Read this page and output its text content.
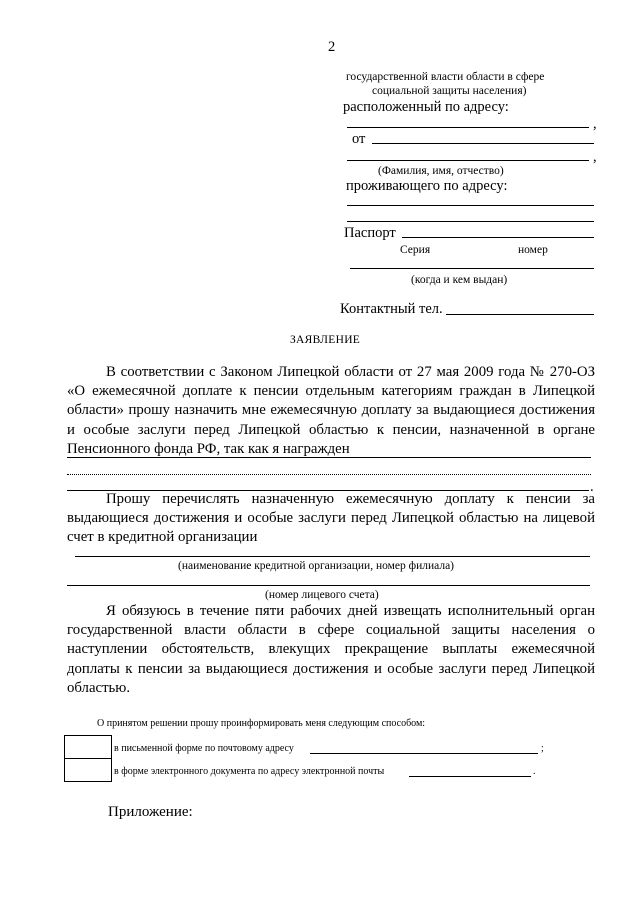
2
государственной власти области в сфере
социальной защиты населения)
расположенный по адресу:
,
от
,
(Фамилия, имя, отчество)
проживающего по адресу:
Паспорт
Серия	номер
(когда и кем выдан)
Контактный тел.
ЗАЯВЛЕНИЕ

В соответствии с Законом Липецкой области от 27 мая 2009 года № 270-ОЗ «О ежемесячной доплате к пенсии отдельным категориям граждан в Липецкой области» прошу назначить мне ежемесячную доплату за выдающиеся достижения и особые заслуги перед Липецкой областью к пенсии, назначенной в органе Пенсионного фонда РФ, так как я награжден

.

Прошу перечислять назначенную ежемесячную доплату к пенсии за выдающиеся достижения и особые заслуги перед Липецкой областью на лицевой счет в кредитной организации

(наименование кредитной организации, номер филиала)
(номер лицевого счета)

Я обязуюсь в течение пяти рабочих дней извещать исполнительный орган государственной власти области в сфере социальной защиты населения о наступлении обстоятельств, влекущих прекращение выплаты ежемесячной доплаты к пенсии за выдающиеся достижения и особые заслуги перед Липецкой областью.

О принятом решении прошу проинформировать меня следующим способом:
в письменной форме по почтовому адресу	;
в форме электронного документа по адресу электронной почты	.
Приложение:
